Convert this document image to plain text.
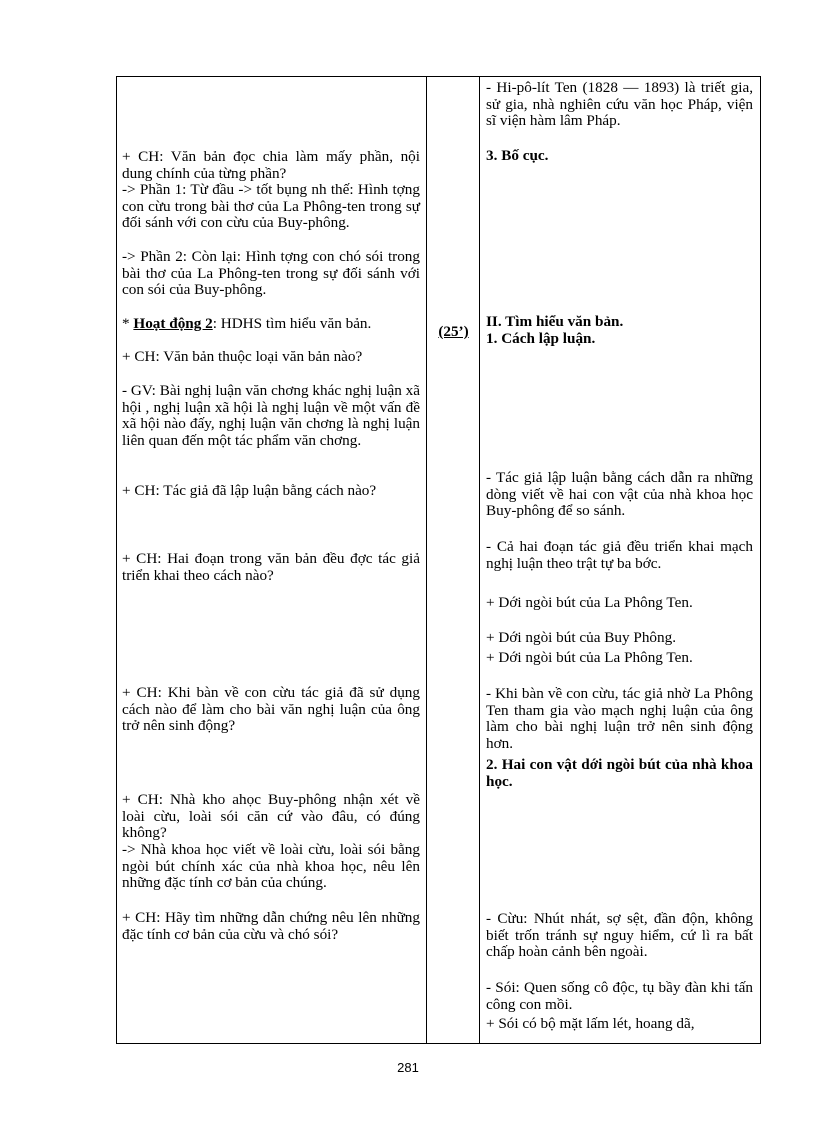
+ CH: Văn bản đọc chia làm mấy phần, nội dung chính của từng phần?
-> Phần 1: Từ đầu -> tốt bụng nh thế: Hình tợng con cừu trong bài thơ của La Phông-ten trong sự đối sánh với con cừu của Buy-phông.
-> Phần 2: Còn lại: Hình tợng con chó sói trong bài thơ của La Phông-ten trong sự đối sánh với con sói của Buy-phông.
* Hoạt động 2: HDHS tìm hiểu văn bản.
+ CH: Văn bản thuộc loại văn bản nào?
- GV: Bài nghị luận văn chơng khác nghị luận xã hội , nghị luận xã hội là nghị luận về một vấn đề xã hội nào đấy, nghị luận văn chơng là nghị luận liên quan đến một tác phẩm văn chơng.
+ CH: Tác giả đã lập luận bằng cách nào?
+ CH: Hai đoạn trong văn bản đều đợc tác giả triển khai theo cách nào?
+ CH: Khi bàn về con cừu tác giả đã sử dụng cách nào để làm cho bài văn nghị luận của ông trở nên sinh động?
+ CH: Nhà kho ahọc Buy-phông nhận xét về loài cừu, loài sói căn cứ vào đâu, có đúng không?
-> Nhà khoa học viết về loài cừu, loài sói bằng ngòi bút chính xác của nhà khoa học, nêu lên những đặc tính cơ bản của chúng.
+ CH: Hãy tìm những dẫn chứng nêu lên những đặc tính cơ bản của cừu và chó sói?
(25’)
- Hi-pô-lít Ten (1828 — 1893) là triết gia, sử gia, nhà nghiên cứu văn học Pháp, viện sĩ viện hàm lâm Pháp.
3. Bố cục.
II. Tìm hiểu văn bản.
1. Cách lập luận.
- Tác giả lập luận bằng cách dẫn ra những dòng viết về hai con vật của nhà khoa học Buy-phông để so sánh.
- Cả hai đoạn tác giả đều triển khai mạch nghị luận theo trật tự ba bớc.
+ Dới ngòi bút của La Phông Ten.
+ Dới ngòi bút của Buy Phông.
+ Dới ngòi bút của La Phông Ten.
- Khi bàn về con cừu, tác giả nhờ La Phông Ten tham gia vào mạch nghị luận của ông làm cho bài nghị luận trở nên sinh động hơn.
2. Hai con vật dới ngòi bút của nhà khoa học.
- Cừu: Nhút nhát, sợ sệt, đần độn, không biết trốn tránh sự nguy hiểm, cứ lì ra bất chấp hoàn cảnh bên ngoài.
- Sói: Quen sống cô độc, tụ bầy đàn khi tấn công con mồi.
+ Sói có bộ mặt lấm lét, hoang dã,
281
